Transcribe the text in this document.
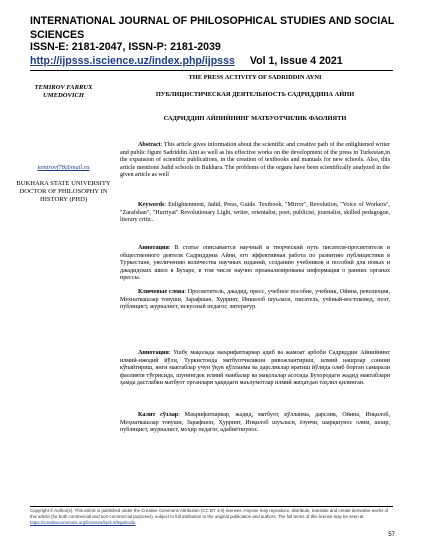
INTERNATIONAL JOURNAL OF PHILOSOPHICAL STUDIES AND SOCIAL SCIENCES
ISSN-E: 2181-2047, ISSN-P: 2181-2039
http://ijpsss.iscience.uz/index.php/ijpsss Vol 1, Issue 4 2021
TEMIROV FARRUX UMEDOVICH
temirovf78@mail.ru
BUKHARA STATE UNIVERSITY DOCTOR OF PHILOSOPHY IN HISTORY (PHD)
THE PRESS ACTIVITY OF SADRIDDIN AYNI
ПУБЛИЦИСТИЧЕСКАЯ ДЕЯТЕЛЬНОСТЬ САДРИДДИНА АЙНИ
САДРИДДИН АЙНИЙНИНГ МАТБУОТЧИЛИК ФАОЛИЯТИ
Abstract: This article gives information about the scientific and creative path of the enlightened writer and public figure Sadriddin Aini as well as his effective works on the development of the press in Turkestan,in the expansion of scientific publications, in the creation of textbooks and manuals for new schools. Also, this article mentions Jadid schools in Bukhara. The problems of the organs have been scientifically analyzed in the given article as well
Keywords: Enlightenment, Jadid, Press, Guide. Textbook, "Mirror", Revolution, "Voice of Workers", "Zarafshan", "Hurriyat" Revolutionary Light, writer, orientalist, poet, publicist, journalist, skilled pedagogue, literary critic.
Аннотация: В статье описывается научный и творческий путь писателя-просветителя и общественного деятеля Садриддина Айни, его эффективная работа по развитию публицистики в Туркестане, увеличению количества научных изданий, созданию учебников и пособий для новых и джадидских школ в Бухаре, в том числе научно проанализированы информация о ранних органах прессы.
Ключевые слова: Просветитель, джадид, пресс, учебное пособие, учебник, Ойина, революция, Мехнаткашлар товуши, Зарафшан, Хуррият, Инкилоб шуъласи, писатель, учёный-востоковед, поэт, публицист, журналист, искусный педагог, литератур.
Аннотация: Ушбу мақолада маърифатпарвар адиб ва жамоат арбоби Садриддин Айнийнинг илмий-ижодий йўли, Туркистонда матбуотчиликни ривожлантириш, илмий нашрлар сонини кўпайтириш, янги мактаблар учун ўқув қўлланма ва дарсликлар яратиш йўлида олиб борган самарали фаолияти тўғрисида, шунингдек илмий манбалар ва мақолалар асосида Бухородаги жадид мактаблари ҳамда дастлабки матбуот органлари ҳақидаги маълумотлар илмий жиҳатдан таҳлил қилинган.
Калит сўзлар: Маърифатпарвар, жадид, матбуот, қўлланма, дарслик, Ойина, Инқилоб, Меҳнаткашлар товуши, Зарафшон, Ҳуррият, Инқилоб шуъласи, ёзувчи, шарқшунос олим, шоир, публицист, журналист, моҳир педагог, адабиётшунос.
Copyright © Author(s). This article is published under the Creative Commons Attribution (CC BY 4.0) licenses. Anyone may reproduce, distribute, translate and create derivative works of this article (for both commercial and non-commercial purposes), subject to full attribution to the original publication and authors. The full terms of this license may be seen at https://creativecommons.org/licenses/by/4.0/legalcode
57
